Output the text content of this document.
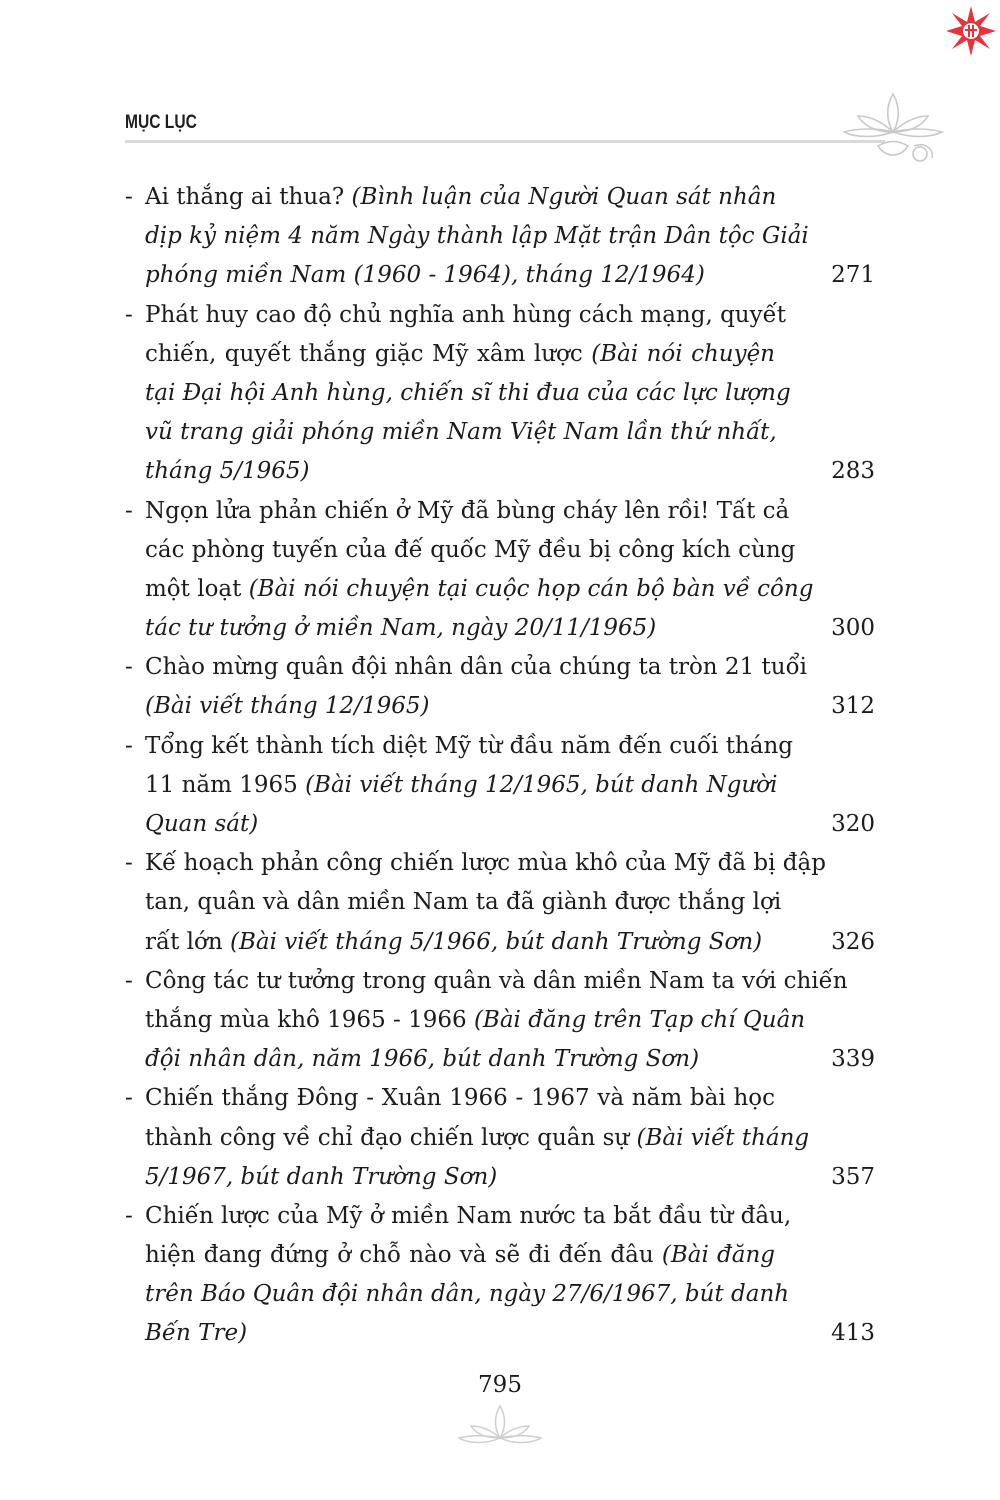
MỤC LỤC
- Ai thắng ai thua? (Bình luận của Người Quan sát nhân
dịp kỷ niệm 4 năm Ngày thành lập Mặt trận Dân tộc Giải
phóng miền Nam (1960 - 1964), tháng 12/1964)	271
- Phát huy cao độ chủ nghĩa anh hùng cách mạng, quyết
chiến, quyết thắng giặc Mỹ xâm lược (Bài nói chuyện
tại Đại hội Anh hùng, chiến sĩ thi đua của các lực lượng
vũ trang giải phóng miền Nam Việt Nam lần thứ nhất,
tháng 5/1965)	283
- Ngọn lửa phản chiến ở Mỹ đã bùng cháy lên rồi! Tất cả
các phòng tuyến của đế quốc Mỹ đều bị công kích cùng
một loạt (Bài nói chuyện tại cuộc họp cán bộ bàn về công
tác tư tưởng ở miền Nam, ngày 20/11/1965)	300
- Chào mừng quân đội nhân dân của chúng ta tròn 21 tuổi
(Bài viết tháng 12/1965)	312
- Tổng kết thành tích diệt Mỹ từ đầu năm đến cuối tháng
11 năm 1965 (Bài viết tháng 12/1965, bút danh Người
Quan sát)	320
- Kế hoạch phản công chiến lược mùa khô của Mỹ đã bị đập
tan, quân và dân miền Nam ta đã giành được thắng lợi
rất lớn (Bài viết tháng 5/1966, bút danh Trường Sơn)	326
- Công tác tư tưởng trong quân và dân miền Nam ta với chiến
thắng mùa khô 1965 - 1966 (Bài đăng trên Tạp chí Quân
đội nhân dân, năm 1966, bút danh Trường Sơn)	339
- Chiến thắng Đông - Xuân 1966 - 1967 và năm bài học
thành công về chỉ đạo chiến lược quân sự (Bài viết tháng
5/1967, bút danh Trường Sơn)	357
- Chiến lược của Mỹ ở miền Nam nước ta bắt đầu từ đâu,
hiện đang đứng ở chỗ nào và sẽ đi đến đâu (Bài đăng
trên Báo Quân đội nhân dân, ngày 27/6/1967, bút danh
Bến Tre)	413
795
